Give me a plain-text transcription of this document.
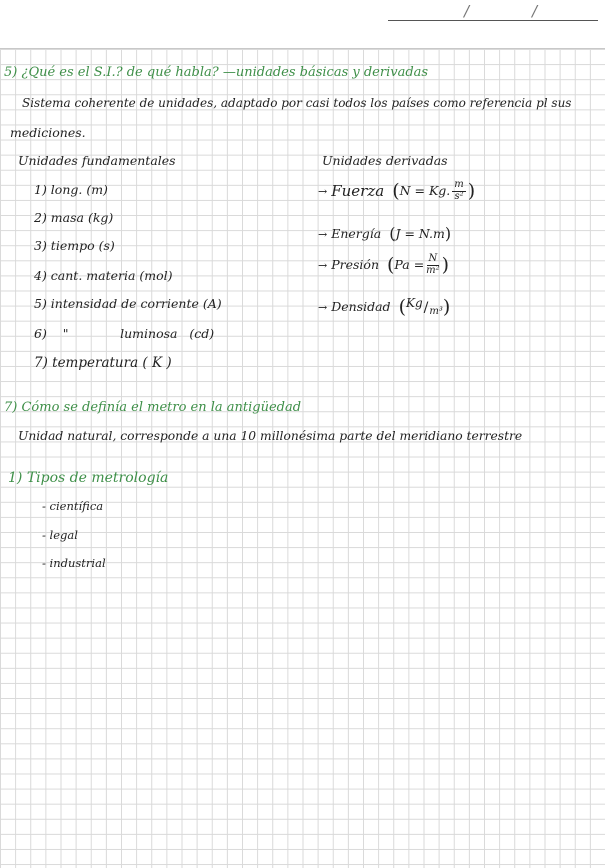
/	/
5) ¿Qué es el S.I.? de qué habla? —unidades básicas y derivadas
Sistema coherente de unidades, adaptado por casi todos los países como referencia pl sus
mediciones.
Unidades fundamentales
1) long. (m)
2) masa (kg)
3) tiempo (s)
4) cant. materia (mol)
5) intensidad de corriente (A)
6)    "             luminosa   (cd)
7) temperatura ( K )
Unidades derivadas
→ Fuerza ( N = Kg. $\frac{m}{\text{s²}}$ )
→ Energía ( J = N.m )
→ Presión ( $Pa = \frac{N}{\text{m²}}$ )
→ Densidad ( Kg / m³ )
7) Cómo se definía el metro en la antigüedad
Unidad natural, corresponde a una 10 millonésima parte del meridiano terrestre
1) Tipos de metrología
- científica
- legal
- industrial
